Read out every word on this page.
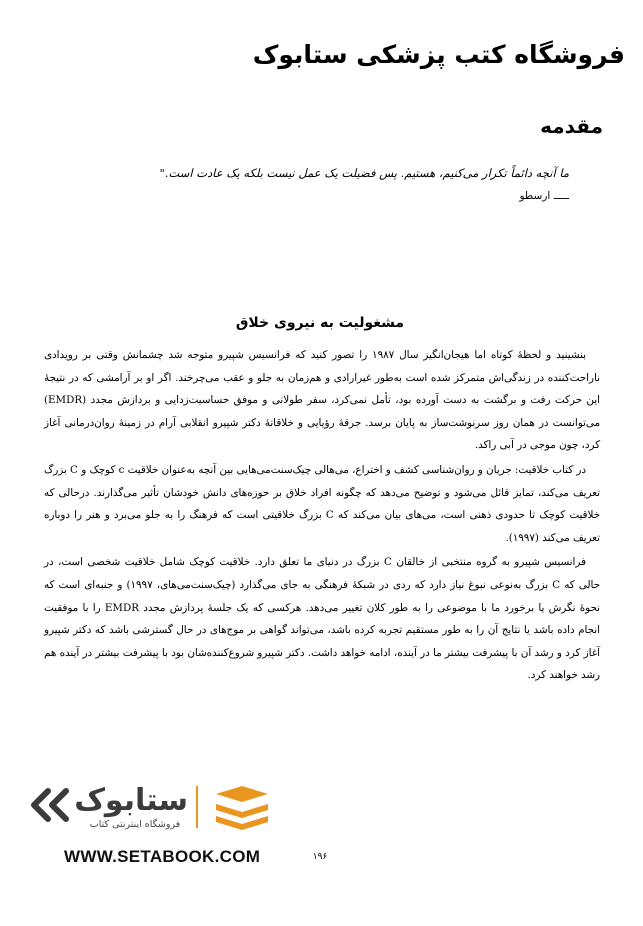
فروشگاه کتب پزشکی ستابوک
مقدمه
ما آنچه دائماً تکرار می‌کنیم، هستیم. پس فضیلت یک عمل نیست بلکه یک عادت است."
ـــــ ارسطو
مشغولیت به نیروی خلاق

بنشینید و لحظهٔ کوتاه اما هیجان‌انگیز سال ۱۹۸۷ را تصور کنید که فرانسیس شپیرو متوجه شد چشمانش وقتی بر رویدادی ناراحت‌کننده در زندگی‌اش متمرکز شده است به‌طور غیرارادی و هم‌زمان به جلو و عقب می‌چرخند. اگر او بر آرامشی که در نتیجهٔ این حرکت رفت و برگشت به دست آورده بود، تأمل نمی‌کرد، سفر طولانی و موفق حساسیت‌زدایی و بردازش مجدد (EMDR) می‌توانست در همان روز سرنوشت‌ساز به پایان برسد. جرقهٔ رؤیایی و خلاقانهٔ دکتر شپیرو انقلابی آرام در زمینهٔ روان‌درمانی آغاز کرد، چون موجی در آبی راکد.

در کتاب خلاقیت: جریان و روان‌شناسی کشف و اختراع، می‌هالی چیک‌سنت‌می‌هایی بین آنچه به‌عنوان خلاقیت c کوچک و C بزرگ تعریف می‌کند، تمایز قائل می‌شود و توضیح می‌دهد که چگونه افراد خلاق بر حوزه‌های دانش خودشان تأثیر می‌گذارند. درحالی که خلاقیت کوچک تا حدودی ذهنی است، می‌های بیان می‌کند که C بزرگ خلاقیتی است که فرهنگ را به جلو می‌برد و هنر را دوباره تعریف می‌کند (۱۹۹۷).

فرانسیس شپیرو به گروه منتخبی از خالقان C بزرگ در دنیای ما تعلق دارد. خلاقیت کوچک شامل خلاقیت شخصی است، در حالی که C بزرگ به‌نوعی نبوغ نیاز دارد که ردی در شبکهٔ فرهنگی به جای می‌گذارد (چیک‌سنت‌می‌های، ۱۹۹۷) و جنبه‌ای است که نحوهٔ نگرش یا برخورد ما با موضوعی را به طور کلان تغییر می‌دهد. هرکسی که یک جلسهٔ پردازش مجدد EMDR را با موفقیت انجام داده باشد یا نتایج آن را به طور مستقیم تجربه کرده باشد، می‌تواند گواهی بر موج‌های در حال گسترشی باشد که دکتر شپیرو آغاز کرد و رشد آن با پیشرفت بیشتر ما در آینده، ادامه خواهد داشت. دکتر شپیرو شروع‌کننده‌شان بود با پیشرفت بیشتر در آینده هم رشد خواهند کرد.

ستابوک
فروشگاه اینترنتی کتاب
WWW.SETABOOK.COM	۱۹۶
